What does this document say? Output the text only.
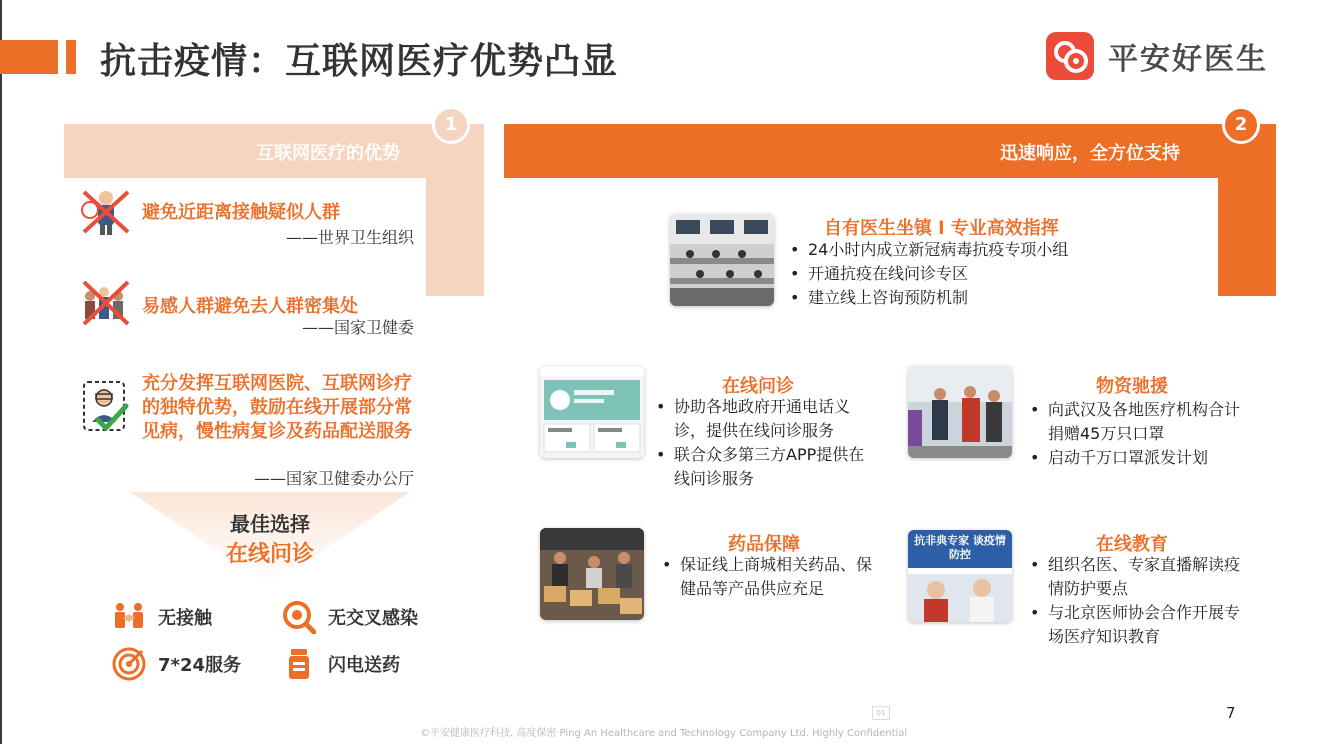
抗击疫情：互联网医疗优势凸显	平安好医生
互联网医疗的优势
1
避免近距离接触疑似人群
——世界卫生组织
易感人群避免去人群密集处
——国家卫健委
充分发挥互联网医院、互联网诊疗的独特优势，鼓励在线开展部分常见病，慢性病复诊及药品配送服务
——国家卫健委办公厅
最佳选择
在线问诊
无接触	无交叉感染
7*24服务	闪电送药
迅速响应，全方位支持
2
自有医生坐镇 l 专业高效指挥
• 24小时内成立新冠病毒抗疫专项小组
• 开通抗疫在线问诊专区
• 建立线上咨询预防机制
在线问诊
• 协助各地政府开通电话义诊，提供在线问诊服务
• 联合众多第三方APP提供在线问诊服务
物资驰援
• 向武汉及各地医疗机构合计捐赠45万只口罩
• 启动千万口罩派发计划
药品保障
• 保证线上商城相关药品、保健品等产品供应充足
抗非典专家 谈疫情防控	在线教育
• 组织名医、专家直播解读疫情防护要点
• 与北京医师协会合作开展专场医疗知识教育
01
©平安健康医疗科技. 高度保密 Ping An Healthcare and Technology Company Ltd. Highly Confidential
7
